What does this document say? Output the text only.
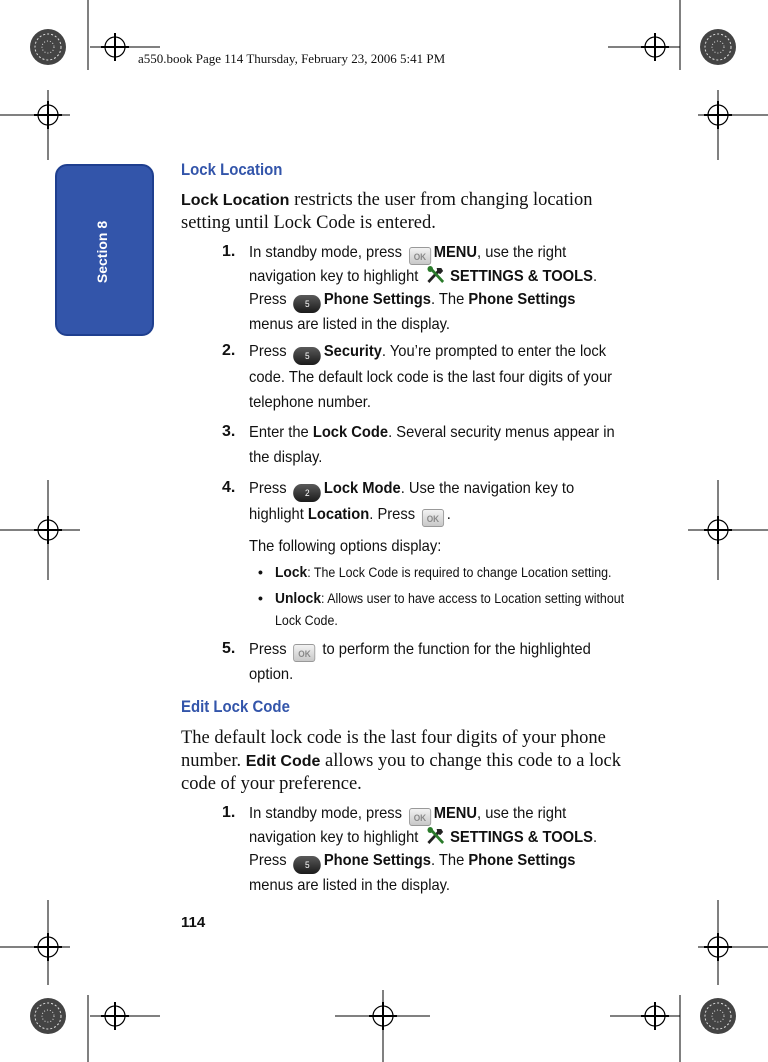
a550.book Page 114 Thursday, February 23, 2006 5:41 PM
Section 8
Lock Location
Lock Location restricts the user from changing location setting until Lock Code is entered.
1. In standby mode, press OK MENU, use the right navigation key to highlight SETTINGS & TOOLS. Press 5 Phone Settings. The Phone Settings menus are listed in the display.
2. Press 5 Security. You’re prompted to enter the lock code. The default lock code is the last four digits of your telephone number.
3. Enter the Lock Code. Several security menus appear in the display.
4. Press 2 Lock Mode. Use the navigation key to highlight Location. Press OK .
The following options display:
• Lock: The Lock Code is required to change Location setting.
• Unlock: Allows user to have access to Location setting without Lock Code.
5. Press OK to perform the function for the highlighted option.
Edit Lock Code
The default lock code is the last four digits of your phone number. Edit Code allows you to change this code to a lock code of your preference.
1. In standby mode, press OK MENU, use the right navigation key to highlight SETTINGS & TOOLS. Press 5 Phone Settings. The Phone Settings menus are listed in the display.
114
